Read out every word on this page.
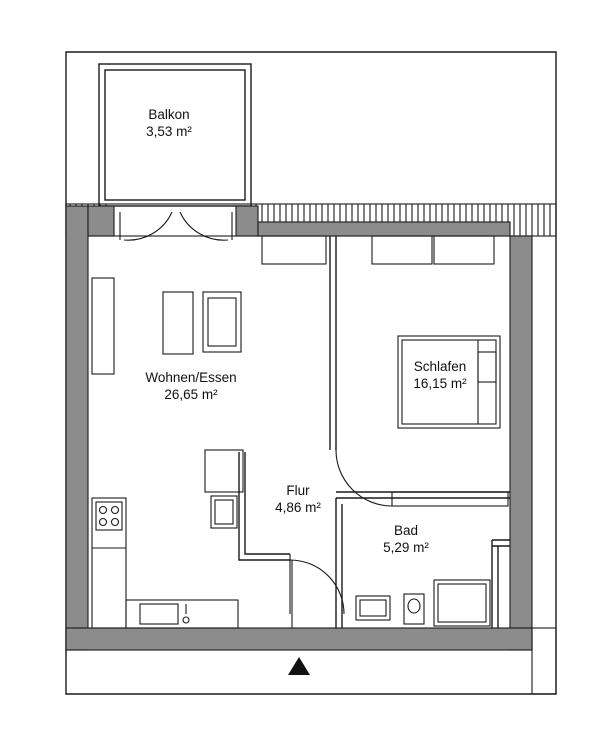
Balkon
3,53 m²
Wohnen/Essen
26,65 m²
Schlafen
16,15 m²
Flur
4,86 m²
Bad
5,29 m²
